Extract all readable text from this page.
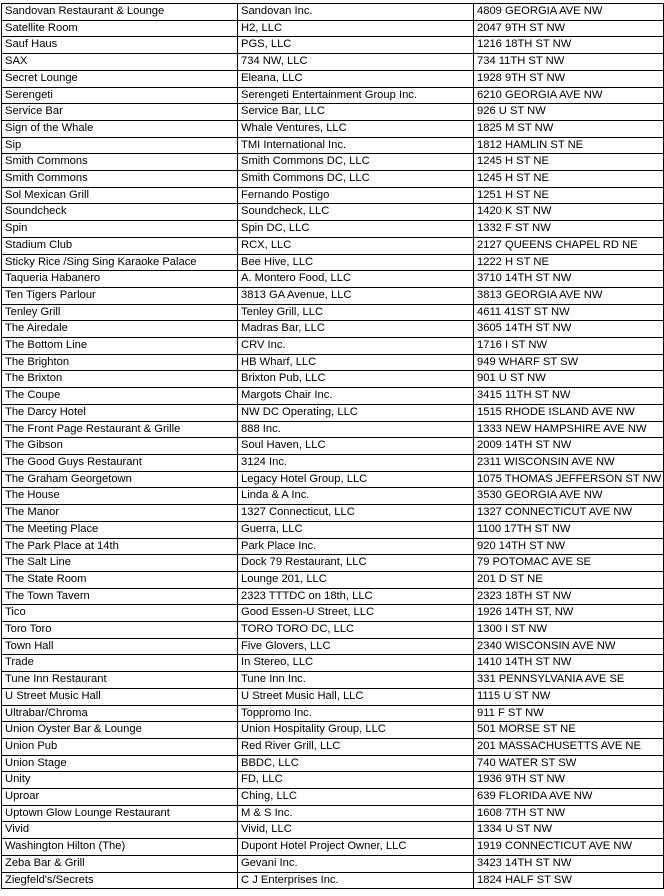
Sandovan Restaurant & Lounge	Sandovan Inc.	4809 GEORGIA AVE NW
Satellite Room	H2, LLC	2047 9TH ST NW
Sauf Haus	PGS, LLC	1216 18TH ST NW
SAX	734 NW, LLC	734 11TH ST NW
Secret Lounge	Eleana, LLC	1928 9TH ST NW
Serengeti	Serengeti Entertainment Group Inc.	6210 GEORGIA AVE NW
Service Bar	Service Bar, LLC	926 U ST NW
Sign of the Whale	Whale Ventures, LLC	1825 M ST NW
Sip	TMI International Inc.	1812 HAMLIN ST NE
Smith Commons	Smith Commons DC, LLC	1245 H ST NE
Smith Commons	Smith Commons DC, LLC	1245 H ST NE
Sol Mexican Grill	Fernando Postigo	1251 H ST NE
Soundcheck	Soundcheck, LLC	1420 K ST NW
Spin	Spin DC, LLC	1332 F ST NW
Stadium Club	RCX, LLC	2127 QUEENS CHAPEL RD NE
Sticky Rice /Sing Sing Karaoke Palace	Bee Hive, LLC	1222 H ST NE
Taqueria Habanero	A. Montero Food, LLC	3710 14TH ST NW
Ten Tigers Parlour	3813 GA Avenue, LLC	3813 GEORGIA AVE NW
Tenley Grill	Tenley Grill, LLC	4611 41ST ST NW
The Airedale	Madras Bar, LLC	3605 14TH ST NW
The Bottom Line	CRV Inc.	1716 I ST NW
The Brighton	HB Wharf, LLC	949 WHARF ST SW
The Brixton	Brixton Pub, LLC	901 U ST NW
The Coupe	Margots Chair Inc.	3415 11TH ST NW
The Darcy Hotel	NW DC Operating, LLC	1515 RHODE ISLAND AVE NW
The Front Page Restaurant & Grille	888 Inc.	1333 NEW HAMPSHIRE AVE NW
The Gibson	Soul Haven, LLC	2009 14TH ST NW
The Good Guys Restaurant	3124 Inc.	2311 WISCONSIN AVE NW
The Graham Georgetown	Legacy Hotel Group, LLC	1075 THOMAS JEFFERSON ST NW
The House	Linda & A Inc.	3530 GEORGIA AVE NW
The Manor	1327 Connecticut, LLC	1327 CONNECTICUT AVE NW
The Meeting Place	Guerra, LLC	1100 17TH ST NW
The Park Place at 14th	Park Place Inc.	920 14TH ST NW
The Salt Line	Dock 79 Restaurant, LLC	79 POTOMAC AVE SE
The State Room	Lounge 201, LLC	201 D ST NE
The Town Tavern	2323 TTTDC on 18th, LLC	2323 18TH ST NW
Tico	Good Essen-U Street, LLC	1926 14TH ST, NW
Toro Toro	TORO TORO DC, LLC	1300 I ST NW
Town Hall	Five Glovers, LLC	2340 WISCONSIN AVE NW
Trade	In Stereo, LLC	1410 14TH ST NW
Tune Inn Restaurant	Tune Inn Inc.	331 PENNSYLVANIA AVE SE
U Street Music Hall	U Street Music Hall, LLC	1115 U ST NW
Ultrabar/Chroma	Toppromo Inc.	911 F ST NW
Union Oyster Bar & Lounge	Union Hospitality Group, LLC	501 MORSE ST NE
Union Pub	Red River Grill, LLC	201 MASSACHUSETTS AVE NE
Union Stage	BBDC, LLC	740 WATER ST SW
Unity	FD, LLC	1936 9TH ST NW
Uproar	Ching, LLC	639 FLORIDA AVE NW
Uptown Glow Lounge Restaurant	M & S Inc.	1608 7TH ST NW
Vivid	Vivid, LLC	1334 U ST NW
Washington Hilton (The)	Dupont Hotel Project Owner, LLC	1919 CONNECTICUT AVE NW
Zeba Bar & Grill	Gevani Inc.	3423 14TH ST NW
Ziegfeld's/Secrets	C J Enterprises Inc.	1824 HALF ST SW
